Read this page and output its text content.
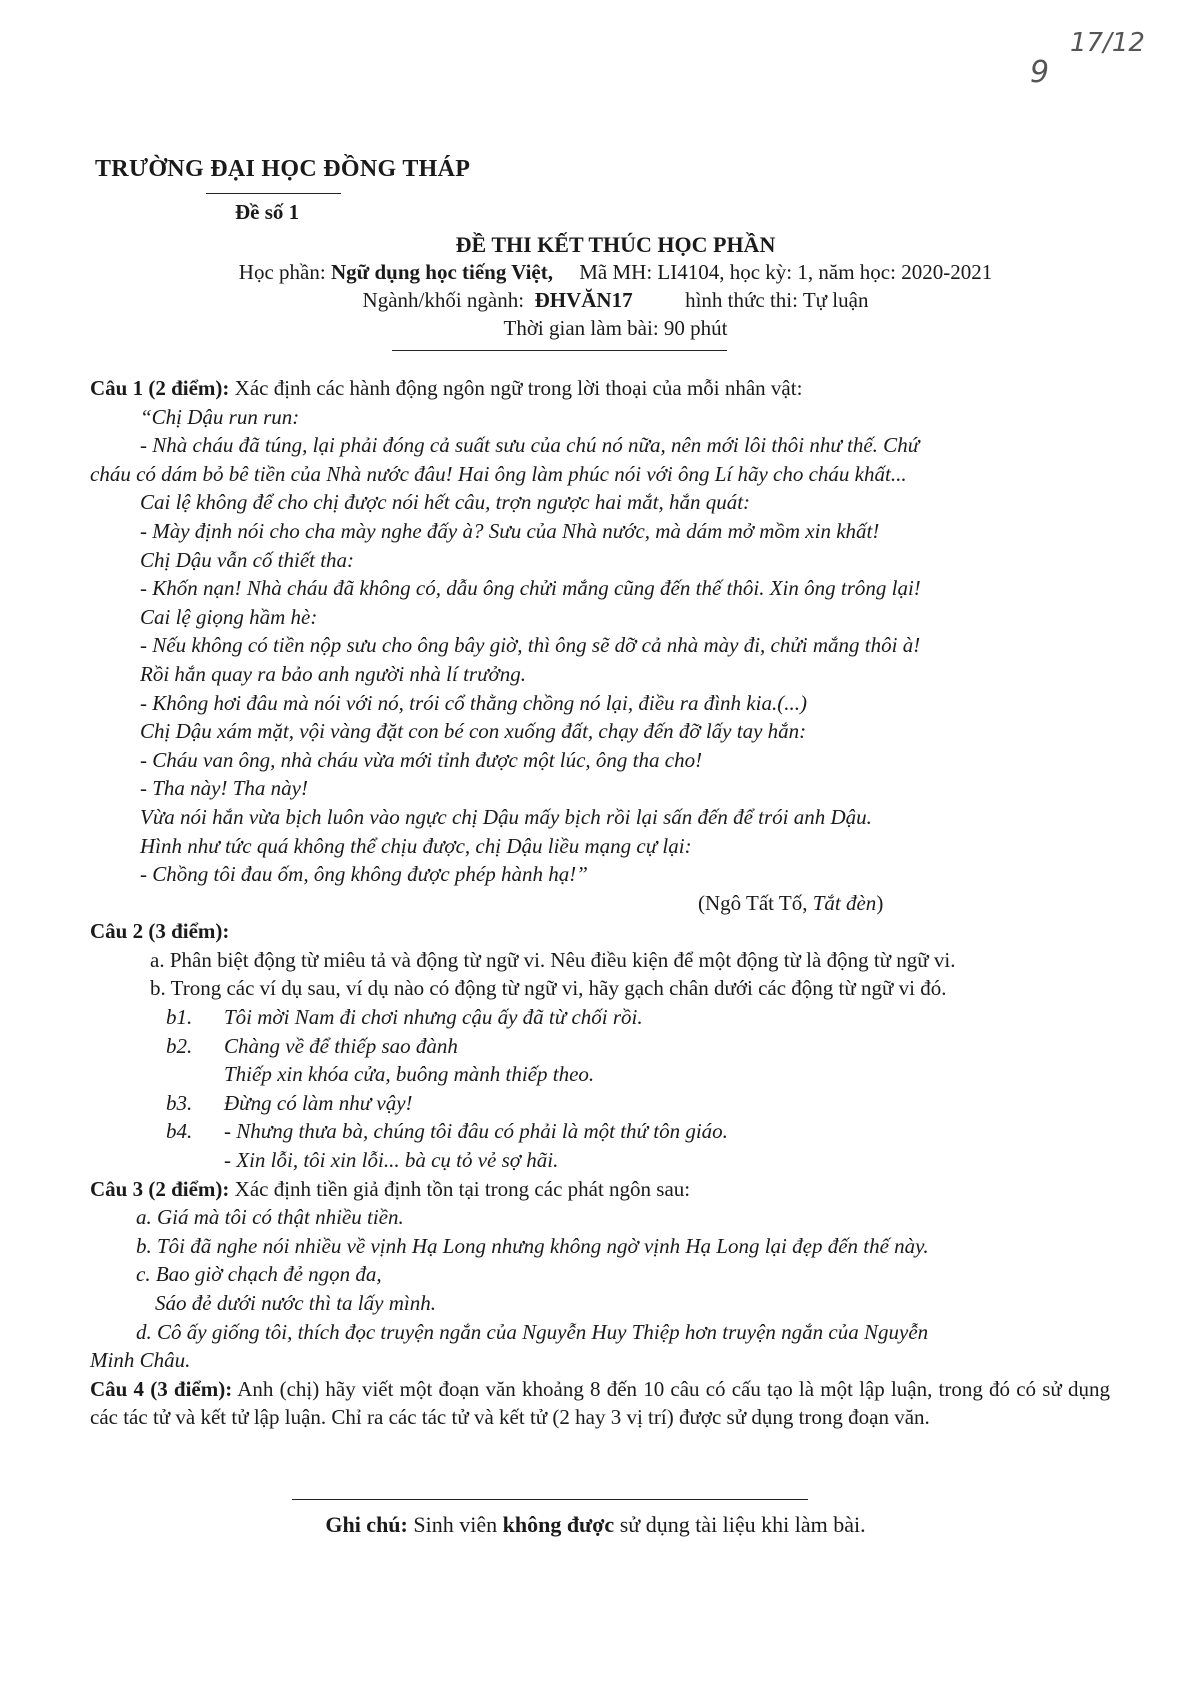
17/12
9
TRƯỜNG ĐẠI HỌC ĐỒNG THÁP
Đề số 1
ĐỀ THI KẾT THÚC HỌC PHẦN
Học phần: Ngữ dụng học tiếng Việt,     Mã MH: LI4104, học kỳ: 1, năm học: 2020-2021
Ngành/khối ngành:  ĐHVĂN17          hình thức thi: Tự luận
Thời gian làm bài: 90 phút

Câu 1 (2 điểm): Xác định các hành động ngôn ngữ trong lời thoại của mỗi nhân vật:

“Chị Dậu run run:

- Nhà cháu đã túng, lại phải đóng cả suất sưu của chú nó nữa, nên mới lôi thôi như thế. Chứ

cháu có dám bỏ bê tiền của Nhà nước đâu! Hai ông làm phúc nói với ông Lí hãy cho cháu khất...

Cai lệ không để cho chị được nói hết câu, trợn ngược hai mắt, hắn quát:

- Mày định nói cho cha mày nghe đấy à? Sưu của Nhà nước, mà dám mở mồm xin khất!

Chị Dậu vẫn cố thiết tha:

- Khốn nạn! Nhà cháu đã không có, dẫu ông chửi mắng cũng đến thế thôi. Xin ông trông lại!

Cai lệ giọng hầm hè:

- Nếu không có tiền nộp sưu cho ông bây giờ, thì ông sẽ dỡ cả nhà mày đi, chửi mắng thôi à!

Rồi hắn quay ra bảo anh người nhà lí trưởng.

- Không hơi đâu mà nói với nó, trói cổ thằng chồng nó lại, điều ra đình kia.(...)

Chị Dậu xám mặt, vội vàng đặt con bé con xuống đất, chạy đến đỡ lấy tay hắn:

- Cháu van ông, nhà cháu vừa mới tỉnh được một lúc, ông tha cho!

- Tha này! Tha này!

Vừa nói hắn vừa bịch luôn vào ngực chị Dậu mấy bịch rồi lại sấn đến để trói anh Dậu.

Hình như tức quá không thể chịu được, chị Dậu liều mạng cự lại:

- Chồng tôi đau ốm, ông không được phép hành hạ!”

(Ngô Tất Tố, Tắt đèn)

Câu 2 (3 điểm):

a. Phân biệt động từ miêu tả và động từ ngữ vi. Nêu điều kiện để một động từ là động từ ngữ vi.

b. Trong các ví dụ sau, ví dụ nào có động từ ngữ vi, hãy gạch chân dưới các động từ ngữ vi đó.

b1. Tôi mời Nam đi chơi nhưng cậu ấy đã từ chối rồi.

b2. Chàng về để thiếp sao đành

Thiếp xin khóa cửa, buông mành thiếp theo.

b3. Đừng có làm như vậy!

b4. - Nhưng thưa bà, chúng tôi đâu có phải là một thứ tôn giáo.

- Xin lỗi, tôi xin lỗi... bà cụ tỏ vẻ sợ hãi.

Câu 3 (2 điểm): Xác định tiền giả định tồn tại trong các phát ngôn sau:

a. Giá mà tôi có thật nhiều tiền.

b. Tôi đã nghe nói nhiều về vịnh Hạ Long nhưng không ngờ vịnh Hạ Long lại đẹp đến thế này.

c. Bao giờ chạch đẻ ngọn đa,

Sáo đẻ dưới nước thì ta lấy mình.

d. Cô ấy giống tôi, thích đọc truyện ngắn của Nguyễn Huy Thiệp hơn truyện ngắn của Nguyễn

Minh Châu.

Câu 4 (3 điểm): Anh (chị) hãy viết một đoạn văn khoảng 8 đến 10 câu có cấu tạo là một lập luận, trong đó có sử dụng các tác tử và kết tử lập luận. Chỉ ra các tác tử và kết tử (2 hay 3 vị trí) được sử dụng trong đoạn văn.

Ghi chú: Sinh viên không được sử dụng tài liệu khi làm bài.
